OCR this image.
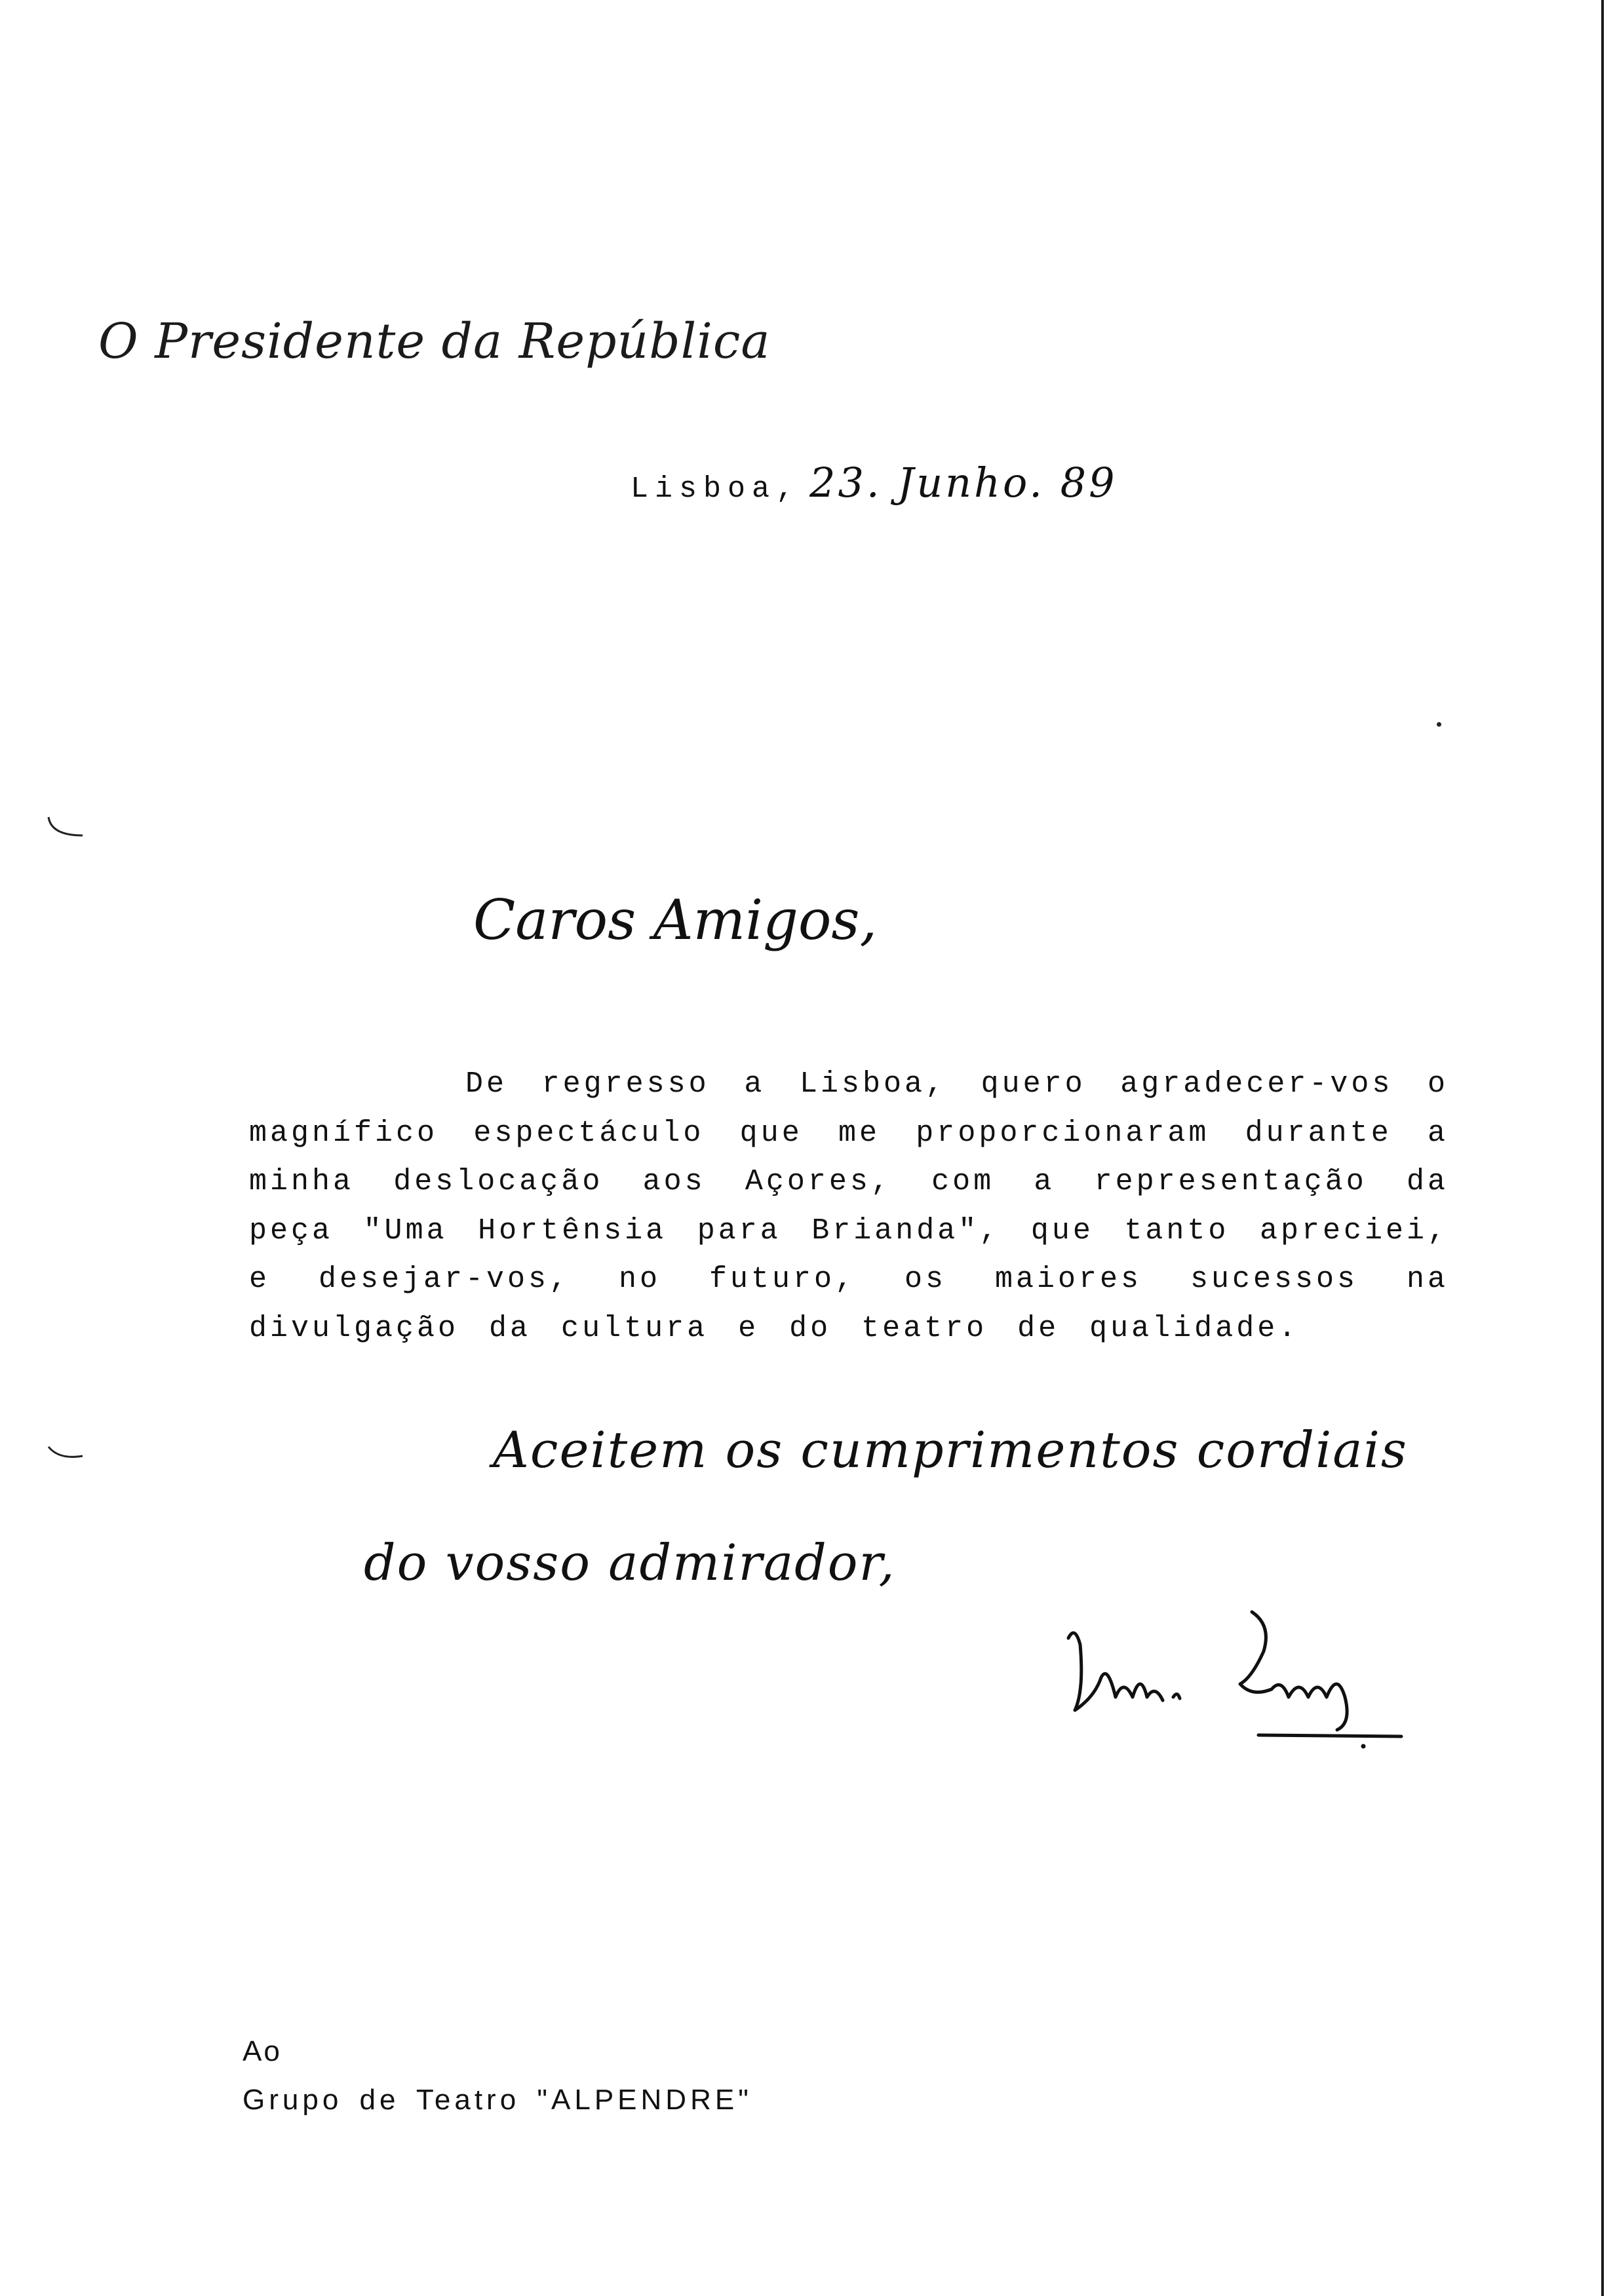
O Presidente da República
Lisboa, 23. Junho. 89
Caros Amigos,

De regresso a Lisboa, quero agradecer-vos o magnífico espectáculo que me proporcionaram durante a minha deslocação aos Açores, com a representação da peça "Uma Hortênsia para Brianda", que tanto apreciei, e desejar-vos, no futuro, os maiores sucessos na divulgação da cultura e do teatro de qualidade.

Aceitem os cumprimentos cordiais
do vosso admirador,
Ao
Grupo de Teatro "ALPENDRE"
